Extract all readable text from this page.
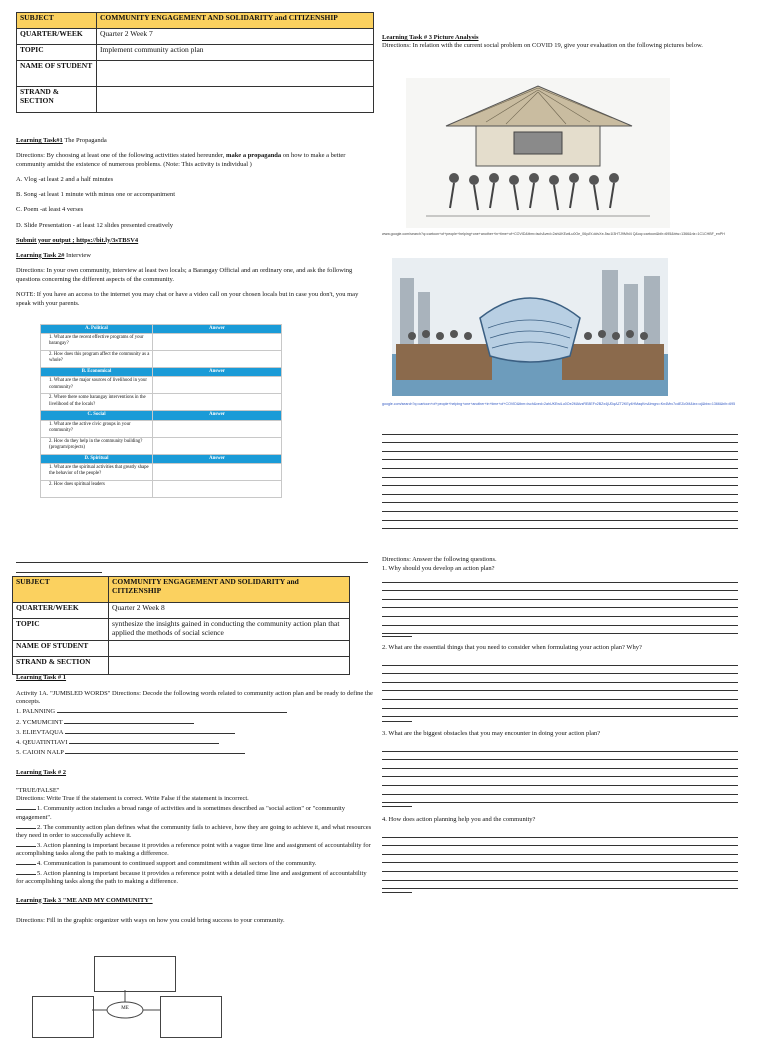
SUBJECT	COMMUNITY ENGAGEMENT AND SOLIDARITY and CITIZENSHIP
QUARTER/WEEK	Quarter 2 Week 7
TOPIC	Implement community action plan
NAME OF STUDENT	
STRAND & SECTION	

Learning Task#1 The Propaganda

Directions: By choosing at least one of the following activities stated hereunder, make a propaganda on how to make a better community amidst the existence of numerous problems. (Note: This activity is individual )

A. Vlog -at least 2 and a half minutes

B. Song -at least 1 minute with minus one or accompaniment

C. Poem -at least 4 verses

D. Slide Presentation - at least 12 slides presented creatively

Submit your output ; https://bit.ly/3sTBSV4

Learning Task 2# Interview

Directions: In your own community, interview at least two locals; a Barangay Official and an ordinary one, and ask the following questions concerning the different aspects of the community.

NOTE: If you have an access to the internet you may chat or have a video call on your chosen locals but in case you don't, you may speak with your parents.

A. Political	Answer
1. What are the recent effective programs of your barangay?	
2. How does this program affect the community as a whole?	
B. Economical	Answer
1. What are the major sources of livelihood in your community?	
2. Where there some barangay interventions in the livelihood of the locals?	
C. Social	Answer
1. What are the active civic groups in your community?	
2. How do they help in the community building? (program/projects)	
D. Spiritual	Answer
1. What are the spiritual activities that greatly shape the behavior of the people?	
2. How does spiritual leaders	
SUBJECT	COMMUNITY ENGAGEMENT AND SOLIDARITY and CITIZENSHIP
QUARTER/WEEK	Quarter 2 Week 8
TOPIC	synthesize the insights gained in conducting the community action plan that applied the methods of social science
NAME OF STUDENT	
STRAND & SECTION	

Learning Task # 1

Activity 1A. "JUMBLED WORDS" Directions: Decode the following words related to community action plan and be ready to define the concepts.

1. PALNNING
2. YCMUMCINT
3. ELIEVTAQUA
4. QEUATINTIAVI
5. CAIOIN NALP

Learning Task # 2

"TRUE/FALSE"

Directions: Write True if the statement is correct. Write False if the statement is incorrect.

1. Community action includes a broad range of activities and is sometimes described as "social action" or "community engagement".

2. The community action plan defines what the community fails to achieve, how they are going to achieve it, and what resources they need in order to successfully achieve it.

3. Action planning is important because it provides a reference point with a vague time line and assignment of accountability for accomplishing tasks along the path to making a difference.

4. Communication is paramount to continued support and commitment within all sectors of the community.

5. Action planning is important because it provides a reference point with a detailed time line and assignment of accountability for accomplishing tasks along the path to making a difference.

Learning Task 3 "ME AND MY COMMUNITY"

Directions: Fill in the graphic organizer with ways on how you could bring success to your community.

ME
Learning Task # 3 Picture Analysis
Directions: In relation with the current social problem on COVID 19, give your evaluation on the following pictures below.
www.google.com/search?q=cartoon+of+people+helping+one+another+in+time+of+COVID&tbm=isch&ved=2ahUKEwiLu0Oe_06yAY-ddvXe-5sc1I3HTJ9Mhl4 Q&oq=cartoon&bih=695&biw=1366&rlz=1C1CHBF_enPH
google.com/search?q=cartoon+of+people+helping+one+another+in+time+of+COVID&tbm=isch&ved=2ahUKEwiLu0Oe2MAlvzRE8EFx2BZx4jUDqAZT2KEy4HMaqKm&imgrc=Kn4Mrc7cdEZc0M&ixx=oj&biw=1366&bih=695
Directions: Answer the following questions.
1. Why should you develop an action plan?
2. What are the essential things that you need to consider when formulating your action plan? Why?
3. What are the biggest obstacles that you may encounter in doing your action plan?
4. How does action planning help you and the community?
